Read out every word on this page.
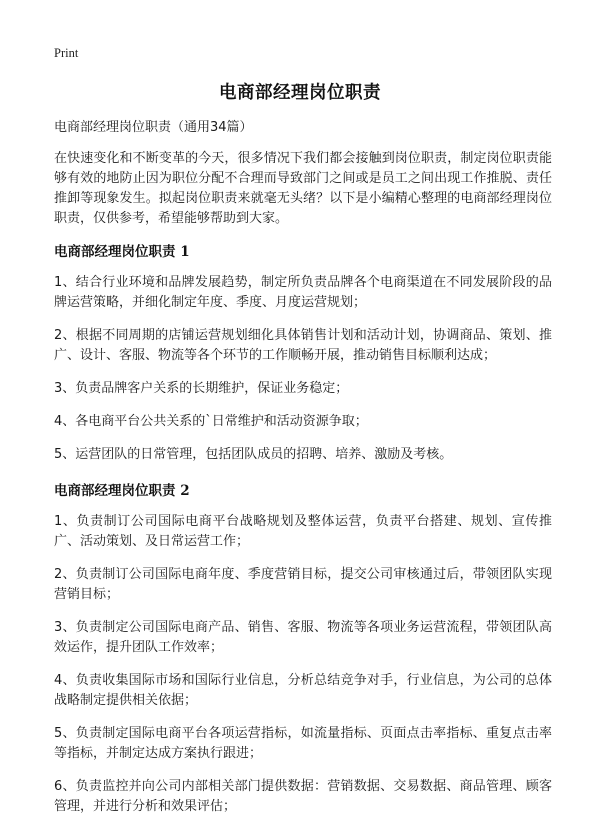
Print
电商部经理岗位职责
电商部经理岗位职责（通用34篇）

在快速变化和不断变革的今天，很多情况下我们都会接触到岗位职责，制定岗位职责能够有效的地防止因为职位分配不合理而导致部门之间或是员工之间出现工作推脱、责任推卸等现象发生。拟起岗位职责来就毫无头绪？以下是小编精心整理的电商部经理岗位职责，仅供参考，希望能够帮助到大家。

电商部经理岗位职责 1
1、结合行业环境和品牌发展趋势，制定所负责品牌各个电商渠道在不同发展阶段的品牌运营策略，并细化制定年度、季度、月度运营规划；
2、根据不同周期的店铺运营规划细化具体销售计划和活动计划，协调商品、策划、推广、设计、客服、物流等各个环节的工作顺畅开展，推动销售目标顺利达成；
3、负责品牌客户关系的长期维护，保证业务稳定；
4、各电商平台公共关系的`日常维护和活动资源争取；
5、运营团队的日常管理，包括团队成员的招聘、培养、激励及考核。
电商部经理岗位职责 2
1、负责制订公司国际电商平台战略规划及整体运营，负责平台搭建、规划、宣传推广、活动策划、及日常运营工作；
2、负责制订公司国际电商年度、季度营销目标，提交公司审核通过后，带领团队实现营销目标；
3、负责制定公司国际电商产品、销售、客服、物流等各项业务运营流程，带领团队高效运作，提升团队工作效率；
4、负责收集国际市场和国际行业信息，分析总结竞争对手，行业信息，为公司的总体战略制定提供相关依据；
5、负责制定国际电商平台各项运营指标，如流量指标、页面点击率指标、重复点击率等指标，并制定达成方案执行跟进；
6、负责监控并向公司内部相关部门提供数据：营销数据、交易数据、商品管理、顾客管理，并进行分析和效果评估；
